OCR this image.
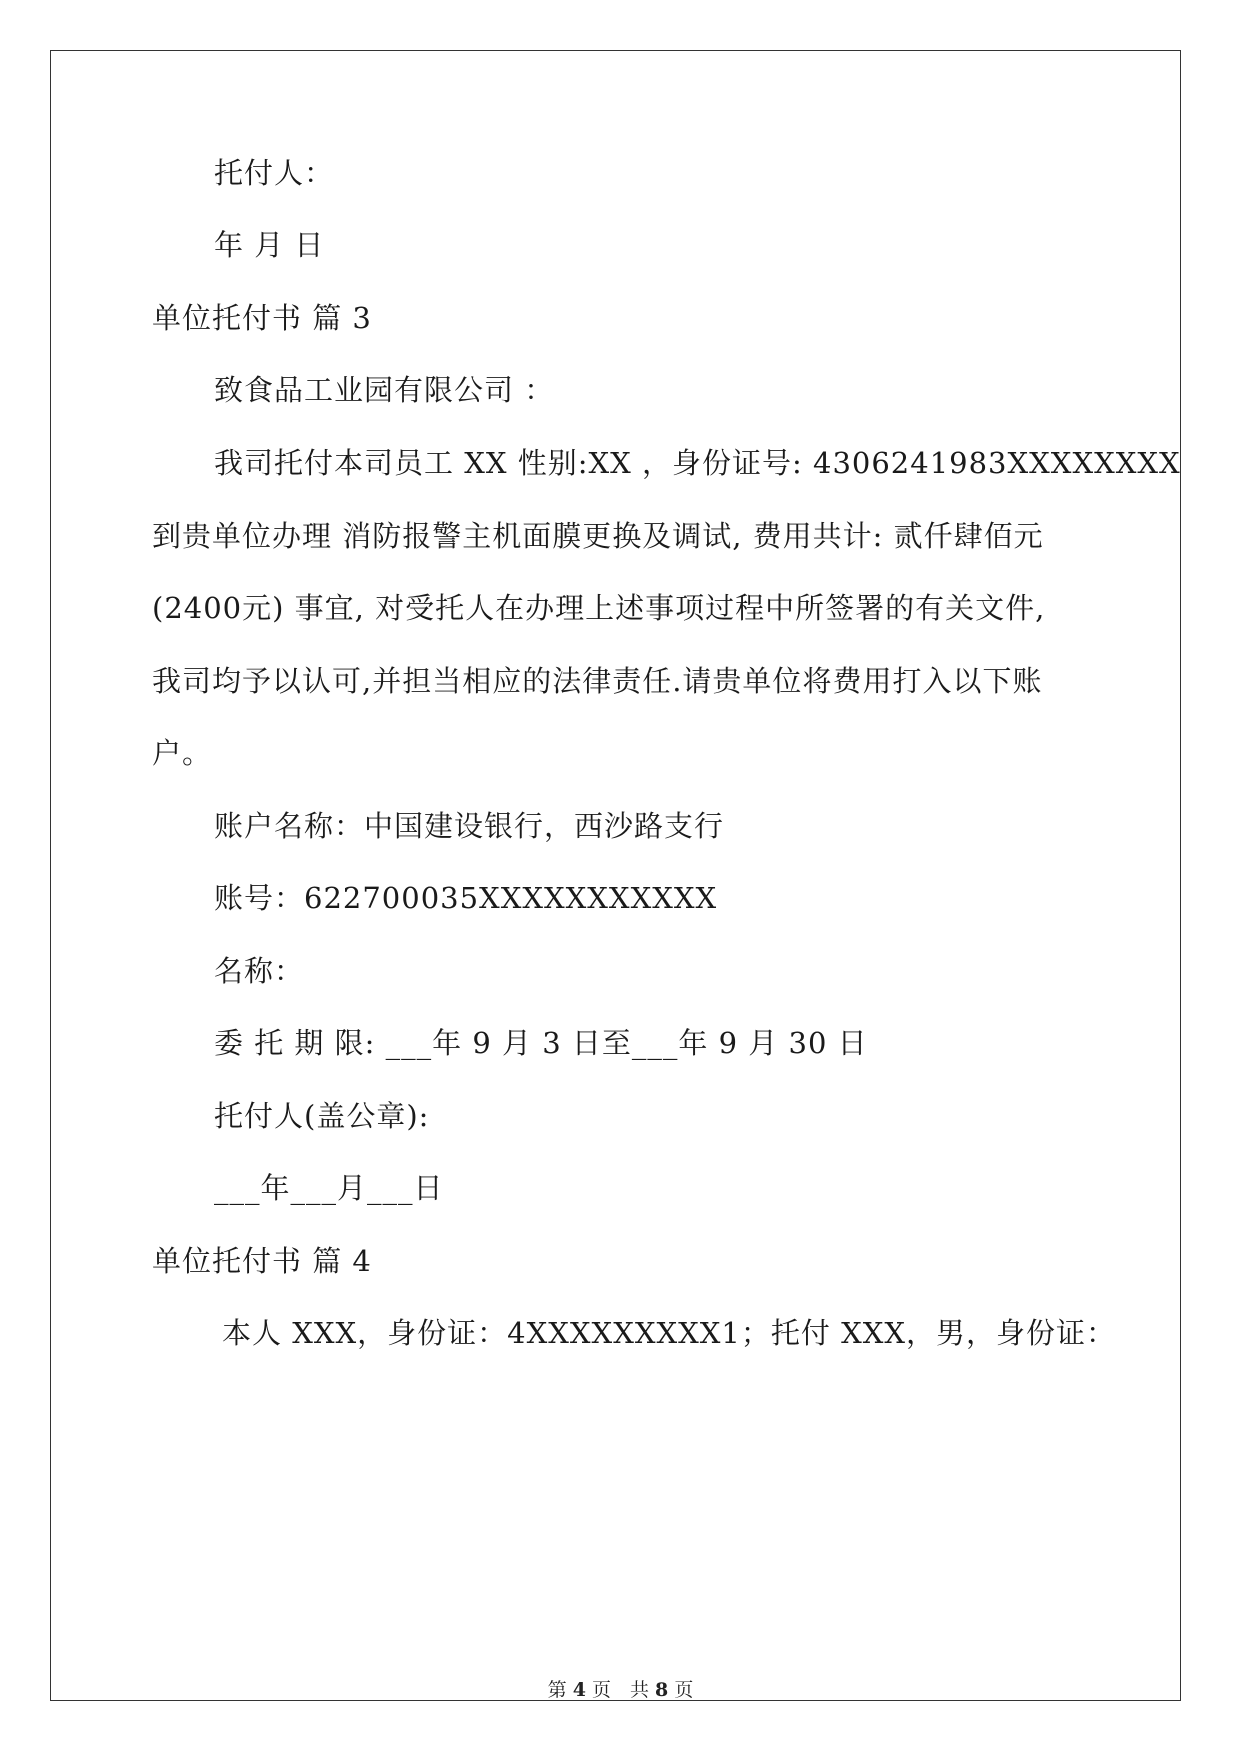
托付人：
年 月 日
单位托付书 篇 3
致食品工业园有限公司 ：
我司托付本司员工 XX 性别:XX ，身份证号: 4306241983XXXXXXXX
到贵单位办理 消防报警主机面膜更换及调试, 费用共计: 贰仟肆佰元
(2400元) 事宜, 对受托人在办理上述事项过程中所签署的有关文件,
我司均予以认可,并担当相应的法律责任.请贵单位将费用打入以下账
户。
账户名称：中国建设银行，西沙路支行
账号：622700035XXXXXXXXXXX
名称：
委 托 期 限: ___年 9 月 3 日至___年 9 月 30 日
托付人(盖公章):
___年___月___日
单位托付书 篇 4
本人 XXX，身份证：4XXXXXXXXX1；托付 XXX，男，身份证：
第 4 页　共 8 页
